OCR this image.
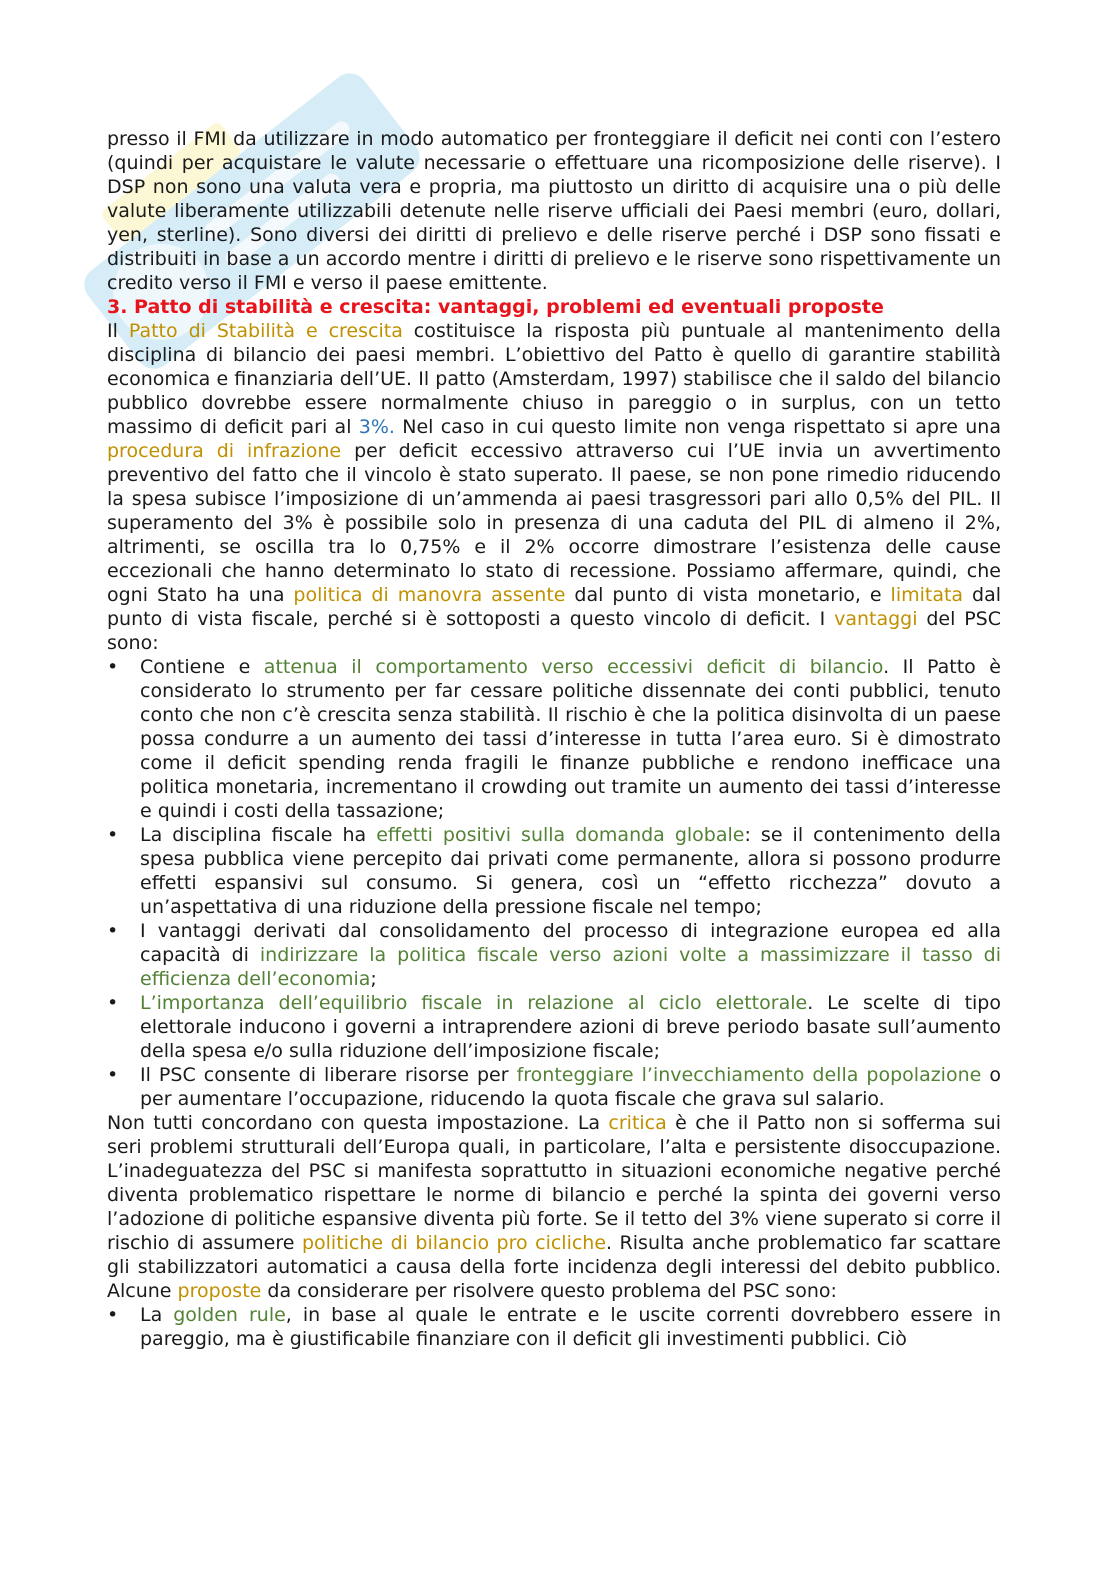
presso il FMI da utilizzare in modo automatico per fronteggiare il deficit nei conti con l’estero (quindi per acquistare le valute necessarie o effettuare una ricomposizione delle riserve). I DSP non sono una valuta vera e propria, ma piuttosto un diritto di acquisire una o più delle valute liberamente utilizzabili detenute nelle riserve ufficiali dei Paesi membri (euro, dollari, yen, sterline). Sono diversi dei diritti di prelievo e delle riserve perché i DSP sono fissati e distribuiti in base a un accordo mentre i diritti di prelievo e le riserve sono rispettivamente un credito verso il FMI e verso il paese emittente.

3. Patto di stabilità e crescita: vantaggi, problemi ed eventuali proposte

Il Patto di Stabilità e crescita costituisce la risposta più puntuale al mantenimento della disciplina di bilancio dei paesi membri. L’obiettivo del Patto è quello di garantire stabilità economica e finanziaria dell’UE. Il patto (Amsterdam, 1997) stabilisce che il saldo del bilancio pubblico dovrebbe essere normalmente chiuso in pareggio o in surplus, con un tetto massimo di deficit pari al 3%. Nel caso in cui questo limite non venga rispettato si apre una procedura di infrazione per deficit eccessivo attraverso cui l’UE invia un avvertimento preventivo del fatto che il vincolo è stato superato. Il paese, se non pone rimedio riducendo la spesa subisce l’imposizione di un’ammenda ai paesi trasgressori pari allo 0,5% del PIL. Il superamento del 3% è possibile solo in presenza di una caduta del PIL di almeno il 2%, altrimenti, se oscilla tra lo 0,75% e il 2% occorre dimostrare l’esistenza delle cause eccezionali che hanno determinato lo stato di recessione. Possiamo affermare, quindi, che ogni Stato ha una politica di manovra assente dal punto di vista monetario, e limitata dal punto di vista fiscale, perché si è sottoposti a questo vincolo di deficit. I vantaggi del PSC sono:

• Contiene e attenua il comportamento verso eccessivi deficit di bilancio. Il Patto è considerato lo strumento per far cessare politiche dissennate dei conti pubblici, tenuto conto che non c’è crescita senza stabilità. Il rischio è che la politica disinvolta di un paese possa condurre a un aumento dei tassi d’interesse in tutta l’area euro. Si è dimostrato come il deficit spending renda fragili le finanze pubbliche e rendono inefficace una politica monetaria, incrementano il crowding out tramite un aumento dei tassi d’interesse e quindi i costi della tassazione;
• La disciplina fiscale ha effetti positivi sulla domanda globale: se il contenimento della spesa pubblica viene percepito dai privati come permanente, allora si possono produrre effetti espansivi sul consumo. Si genera, così un “effetto ricchezza” dovuto a un’aspettativa di una riduzione della pressione fiscale nel tempo;
• I vantaggi derivati dal consolidamento del processo di integrazione europea ed alla capacità di indirizzare la politica fiscale verso azioni volte a massimizzare il tasso di efficienza dell’economia;
• L’importanza dell’equilibrio fiscale in relazione al ciclo elettorale. Le scelte di tipo elettorale inducono i governi a intraprendere azioni di breve periodo basate sull’aumento della spesa e/o sulla riduzione dell’imposizione fiscale;
• Il PSC consente di liberare risorse per fronteggiare l’invecchiamento della popolazione o per aumentare l’occupazione, riducendo la quota fiscale che grava sul salario.

Non tutti concordano con questa impostazione. La critica è che il Patto non si sofferma sui seri problemi strutturali dell’Europa quali, in particolare, l’alta e persistente disoccupazione. L’inadeguatezza del PSC si manifesta soprattutto in situazioni economiche negative perché diventa problematico rispettare le norme di bilancio e perché la spinta dei governi verso l’adozione di politiche espansive diventa più forte. Se il tetto del 3% viene superato si corre il rischio di assumere politiche di bilancio pro cicliche. Risulta anche problematico far scattare gli stabilizzatori automatici a causa della forte incidenza degli interessi del debito pubblico. Alcune proposte da considerare per risolvere questo problema del PSC sono:

• La golden rule, in base al quale le entrate e le uscite correnti dovrebbero essere in pareggio, ma è giustificabile finanziare con il deficit gli investimenti pubblici. Ciò
